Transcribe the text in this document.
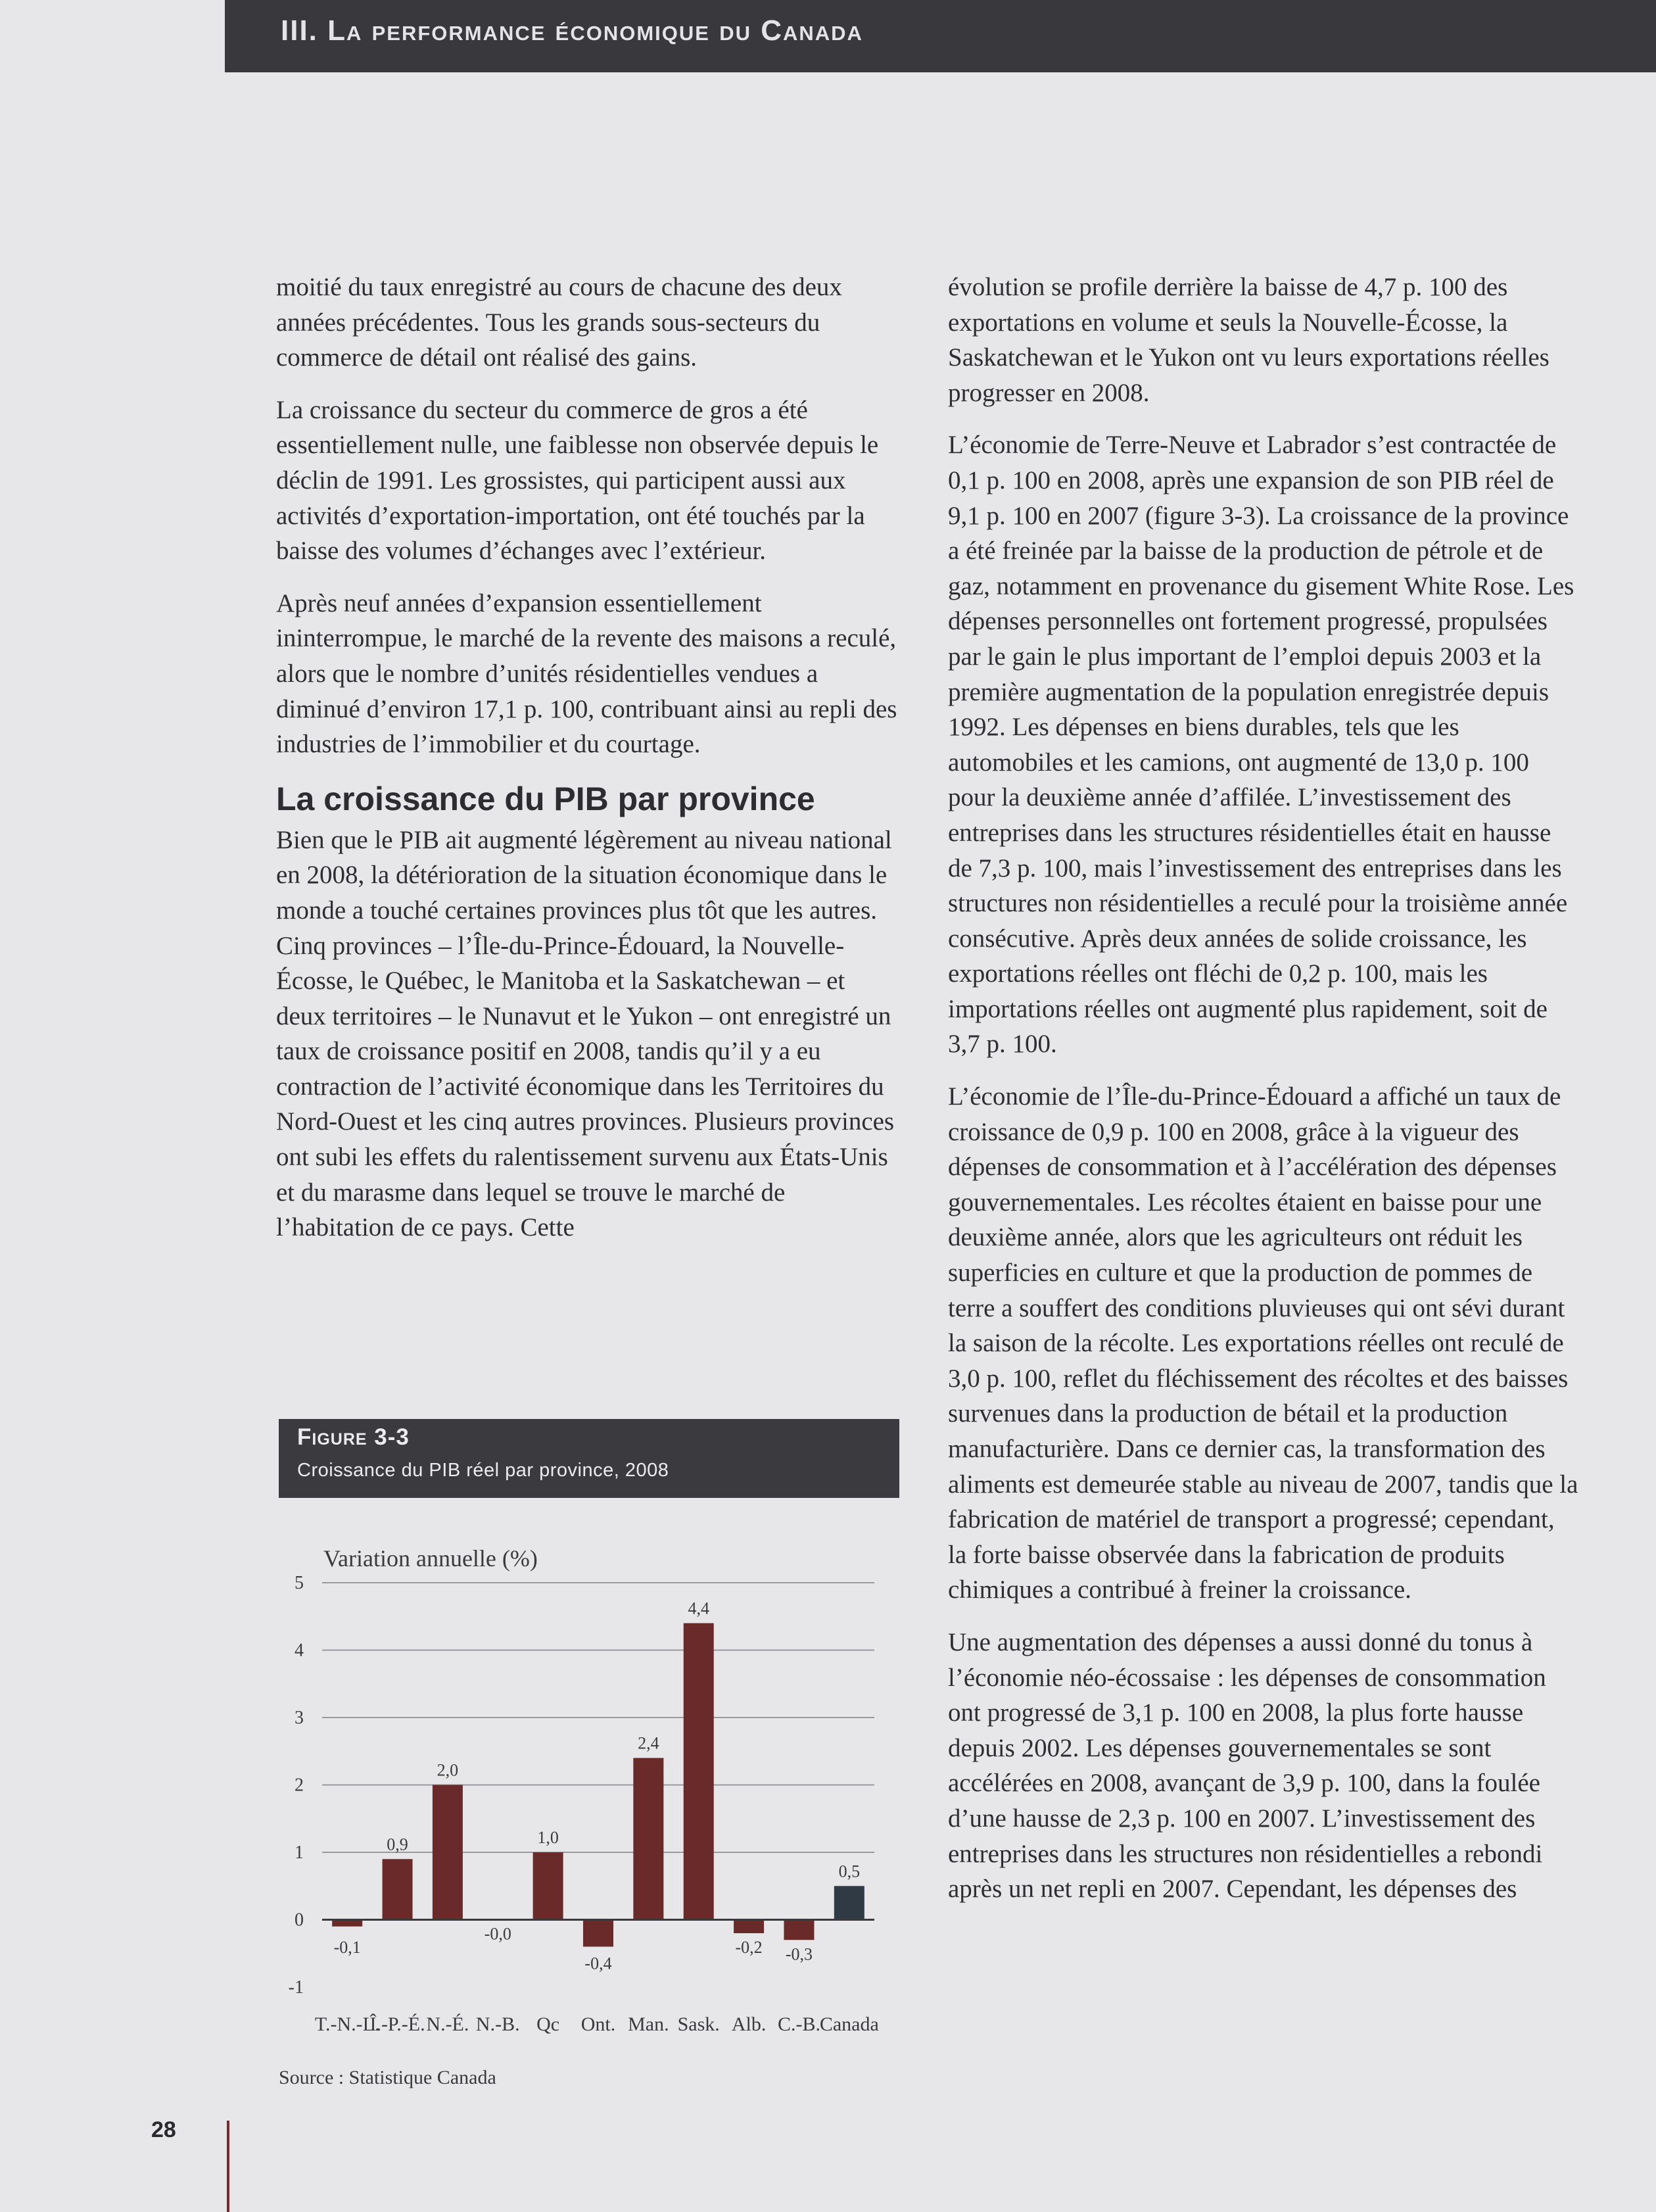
III. La performance économique du Canada

moitié du taux enregistré au cours de chacune des deux années précédentes. Tous les grands sous-secteurs du commerce de détail ont réalisé des gains.

La croissance du secteur du commerce de gros a été essentiellement nulle, une faiblesse non observée depuis le déclin de 1991. Les grossistes, qui participent aussi aux activités d’exportation-importation, ont été touchés par la baisse des volumes d’échanges avec l’extérieur.

Après neuf années d’expansion essentiellement ininterrompue, le marché de la revente des maisons a reculé, alors que le nombre d’unités résidentielles vendues a diminué d’environ 17,1 p. 100, contribuant ainsi au repli des industries de l’immobilier et du courtage.

La croissance du PIB par province

Bien que le PIB ait augmenté légèrement au niveau national en 2008, la détérioration de la situation économique dans le monde a touché certaines provinces plus tôt que les autres. Cinq provinces – l’Île-du-Prince-Édouard, la Nouvelle-Écosse, le Québec, le Manitoba et la Saskatchewan – et deux territoires – le Nunavut et le Yukon – ont enregistré un taux de croissance positif en 2008, tandis qu’il y a eu contraction de l’activité économique dans les Territoires du Nord-Ouest et les cinq autres provinces. Plusieurs provinces ont subi les effets du ralentissement survenu aux États-Unis et du marasme dans lequel se trouve le marché de l’habitation de ce pays. Cette

évolution se profile derrière la baisse de 4,7 p. 100 des exportations en volume et seuls la Nouvelle-Écosse, la Saskatchewan et le Yukon ont vu leurs exportations réelles progresser en 2008.

L’économie de Terre-Neuve et Labrador s’est contractée de 0,1 p. 100 en 2008, après une expansion de son PIB réel de 9,1 p. 100 en 2007 (figure 3-3). La croissance de la province a été freinée par la baisse de la production de pétrole et de gaz, notamment en provenance du gisement White Rose. Les dépenses personnelles ont fortement progressé, propulsées par le gain le plus important de l’emploi depuis 2003 et la première augmentation de la population enregistrée depuis 1992. Les dépenses en biens durables, tels que les automobiles et les camions, ont augmenté de 13,0 p. 100 pour la deuxième année d’affilée. L’investissement des entreprises dans les structures résidentielles était en hausse de 7,3 p. 100, mais l’investissement des entreprises dans les structures non résidentielles a reculé pour la troisième année consécutive. Après deux années de solide croissance, les exportations réelles ont fléchi de 0,2 p. 100, mais les importations réelles ont augmenté plus rapidement, soit de 3,7 p. 100.

L’économie de l’Île-du-Prince-Édouard a affiché un taux de croissance de 0,9 p. 100 en 2008, grâce à la vigueur des dépenses de consommation et à l’accélération des dépenses gouvernementales. Les récoltes étaient en baisse pour une deuxième année, alors que les agriculteurs ont réduit les superficies en culture et que la production de pommes de terre a souffert des conditions pluvieuses qui ont sévi durant la saison de la récolte. Les exportations réelles ont reculé de 3,0 p. 100, reflet du fléchissement des récoltes et des baisses survenues dans la production de bétail et la production manufacturière. Dans ce dernier cas, la transformation des aliments est demeurée stable au niveau de 2007, tandis que la fabrication de matériel de transport a progressé; cependant, la forte baisse observée dans la fabrication de produits chimiques a contribué à freiner la croissance.

Une augmentation des dépenses a aussi donné du tonus à l’économie néo-écossaise : les dépenses de consommation ont progressé de 3,1 p. 100 en 2008, la plus forte hausse depuis 2002. Les dépenses gouvernementales se sont accélérées en 2008, avançant de 3,9 p. 100, dans la foulée d’une hausse de 2,3 p. 100 en 2007. L’investissement des entreprises dans les structures non résidentielles a rebondi après un net repli en 2007. Cependant, les dépenses des

Figure 3-3
Croissance du PIB réel par province, 2008
Variation annuelle (%)
-1
0
1
2
3
4
5
-0,1
T.-N.-L.
0,9
Î.-P.-É.
2,0
N.-É.
-0,0
N.-B.
1,0
Qc
-0,4
Ont.
2,4
Man.
4,4
Sask.
-0,2
Alb.
-0,3
C.-B.
0,5
Canada
Source : Statistique Canada
28
